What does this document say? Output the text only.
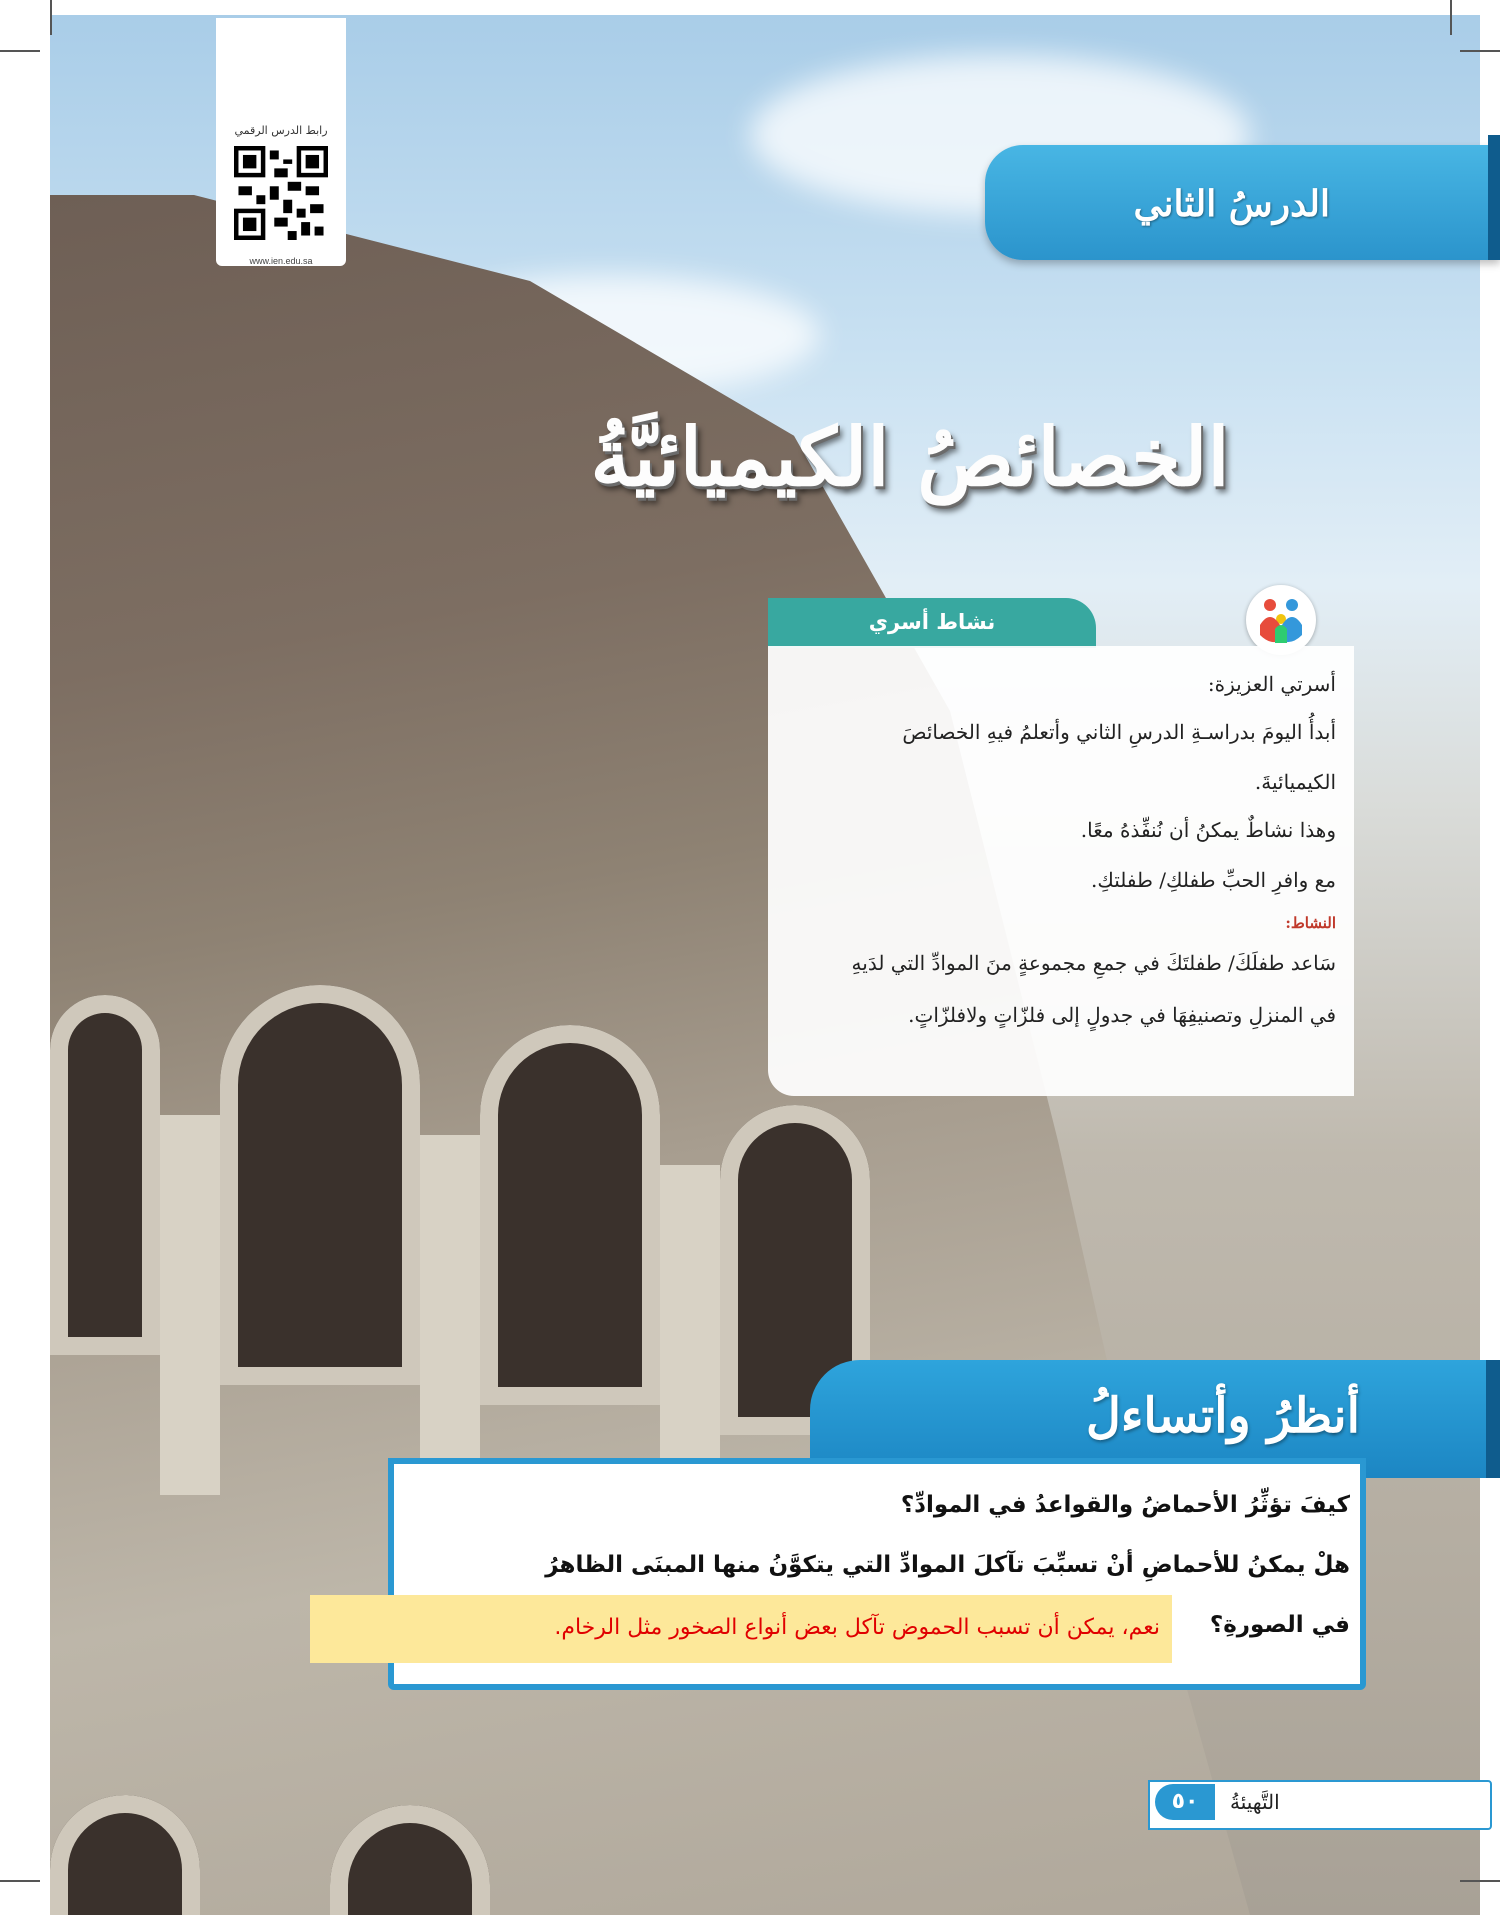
رابط الدرس الرقمي
www.ien.edu.sa
الدرسُ الثاني
الخصائصُ الكيميائيَّةُ
نشاط أسري

أسرتي العزيزة:

أبدأُ اليومَ بدراسـةِ الدرسِ الثاني وأتعلمُ فيهِ الخصائصَ

الكيميائيةَ.

وهذا نشاطٌ يمكنُ أن نُنفِّذهُ معًا.

مع وافرِ الحبِّ طفلكِ/ طفلتكِ.

النشاط:

سَاعد طفلَكَ/ طفلتَكَ في جمعِ مجموعةٍ منَ الموادِّ التي لدَيهِ

في المنزلِ وتصنيفِهَا في جدولٍ إلى فلزّاتٍ ولافلزّاتٍ.

أنظرُ وأتساءلُ

كيفَ تؤثِّرُ الأحماضُ والقواعدُ في الموادِّ؟

هلْ يمكنُ للأحماضِ أنْ تسبِّبَ تآكلَ الموادِّ التي يتكوَّنُ منها المبنَى الظاهرُ

في الصورةِ؟

نعم، يمكن أن تسبب الحموض تآكل بعض أنواع الصخور مثل الرخام.
التَّهيئةُ
٥٠
